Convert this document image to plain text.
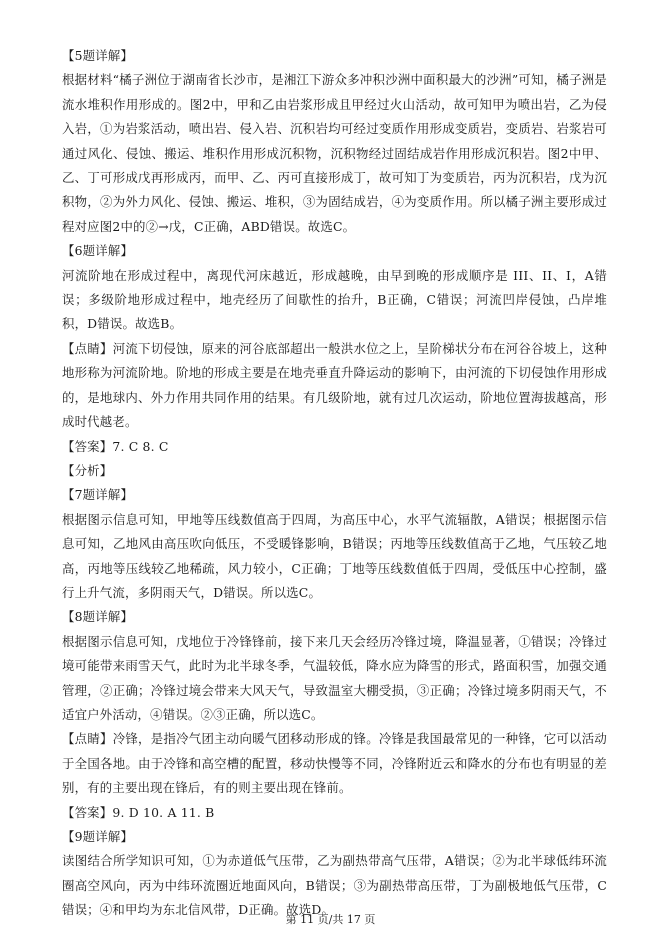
【5题详解】

根据材料“橘子洲位于湖南省长沙市，是湘江下游众多冲积沙洲中面积最大的沙洲”可知，橘子洲是流水堆积作用形成的。图2中，甲和乙由岩浆形成且甲经过火山活动，故可知甲为喷出岩，乙为侵入岩，①为岩浆活动，喷出岩、侵入岩、沉积岩均可经过变质作用形成变质岩，变质岩、岩浆岩可通过风化、侵蚀、搬运、堆积作用形成沉积物，沉积物经过固结成岩作用形成沉积岩。图2中甲、乙、丁可形成戊再形成丙，而甲、乙、丙可直接形成丁，故可知丁为变质岩，丙为沉积岩，戊为沉积物，②为外力风化、侵蚀、搬运、堆积，③为固结成岩，④为变质作用。所以橘子洲主要形成过程对应图2中的②→戊，C正确，ABD错误。故选C。

【6题详解】

河流阶地在形成过程中，离现代河床越近，形成越晚，由早到晚的形成顺序是 III、II、I，A错误；多级阶地形成过程中，地壳经历了间歇性的抬升，B正确，C错误；河流凹岸侵蚀，凸岸堆积，D错误。故选B。

【点睛】河流下切侵蚀，原来的河谷底部超出一般洪水位之上，呈阶梯状分布在河谷谷坡上，这种地形称为河流阶地。阶地的形成主要是在地壳垂直升降运动的影响下，由河流的下切侵蚀作用形成的，是地球内、外力作用共同作用的结果。有几级阶地，就有过几次运动，阶地位置海拔越高，形成时代越老。

【答案】7. C 8. C

【分析】

【7题详解】

根据图示信息可知，甲地等压线数值高于四周，为高压中心，水平气流辐散，A错误；根据图示信息可知，乙地风由高压吹向低压，不受暖锋影响，B错误；丙地等压线数值高于乙地，气压较乙地高，丙地等压线较乙地稀疏，风力较小，C正确；丁地等压线数值低于四周，受低压中心控制，盛行上升气流，多阴雨天气，D错误。所以选C。

【8题详解】

根据图示信息可知，戊地位于冷锋锋前，接下来几天会经历冷锋过境，降温显著，①错误；冷锋过境可能带来雨雪天气，此时为北半球冬季，气温较低，降水应为降雪的形式，路面积雪，加强交通管理，②正确；冷锋过境会带来大风天气，导致温室大棚受损，③正确；冷锋过境多阴雨天气，不适宜户外活动，④错误。②③正确，所以选C。

【点睛】冷锋，是指冷气团主动向暖气团移动形成的锋。冷锋是我国最常见的一种锋，它可以活动于全国各地。由于冷锋和高空槽的配置，移动快慢等不同，冷锋附近云和降水的分布也有明显的差别，有的主要出现在锋后，有的则主要出现在锋前。

【答案】9. D 10. A 11. B

【9题详解】

读图结合所学知识可知，①为赤道低气压带，乙为副热带高气压带，A错误；②为北半球低纬环流圈高空风向，丙为中纬环流圈近地面风向，B错误；③为副热带高压带，丁为副极地低气压带，C错误；④和甲均为东北信风带，D正确。故选D。

第 11 页/共 17 页
